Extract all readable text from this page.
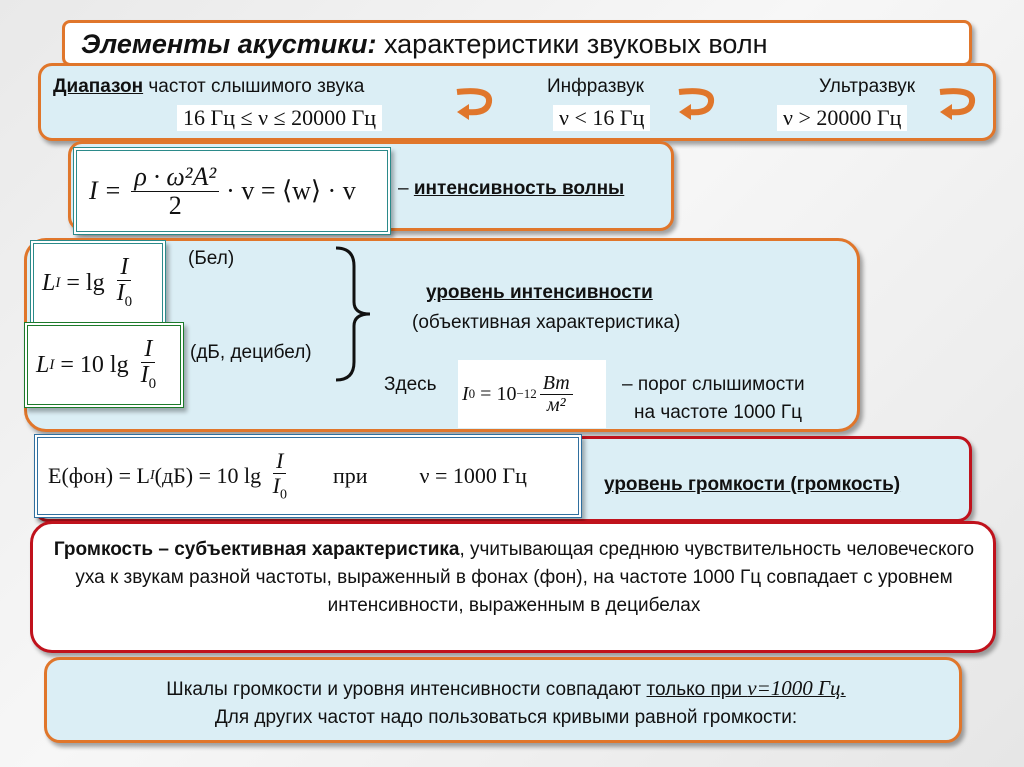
Элементы акустики: характеристики звуковых волн
Диапазон частот слышимого звука
16 Гц ≤ ν ≤ 20000 Гц
Инфразвук
ν < 16 Гц
Ультразвук
ν > 20000 Гц
$I = \frac{\text{ρ · ω²A²}}{2} \cdot v$ = ⟨w⟩ · v – интенсивность волны
L $I = \lg \frac{I}{I_0}$	(Бел)
L I = 10 $\lg \frac{I}{I_0} (дБ$, децибел)
уровень интенсивности
(объективная характеристика)
Здесь I $0 = 10 -12 \frac{Вт}{\text{м²}}$	– порог слышимости
на частоте 1000 Гц
E(фон) = L I (дБ) = 10 $\lg \frac{I}{I_0}$ при ν = 1000 Гц	уровень громкости (громкость)
Громкость – субъективная характеристика, учитывающая среднюю чувствительность человеческого уха к звукам разной частоты, выраженный в фонах (фон), на частоте 1000 Гц совпадает с уровнем интенсивности, выраженным в децибелах
Шкалы громкости и уровня интенсивности совпадают только при ν=1000 Гц.
Для других частот надо пользоваться кривыми равной громкости:
